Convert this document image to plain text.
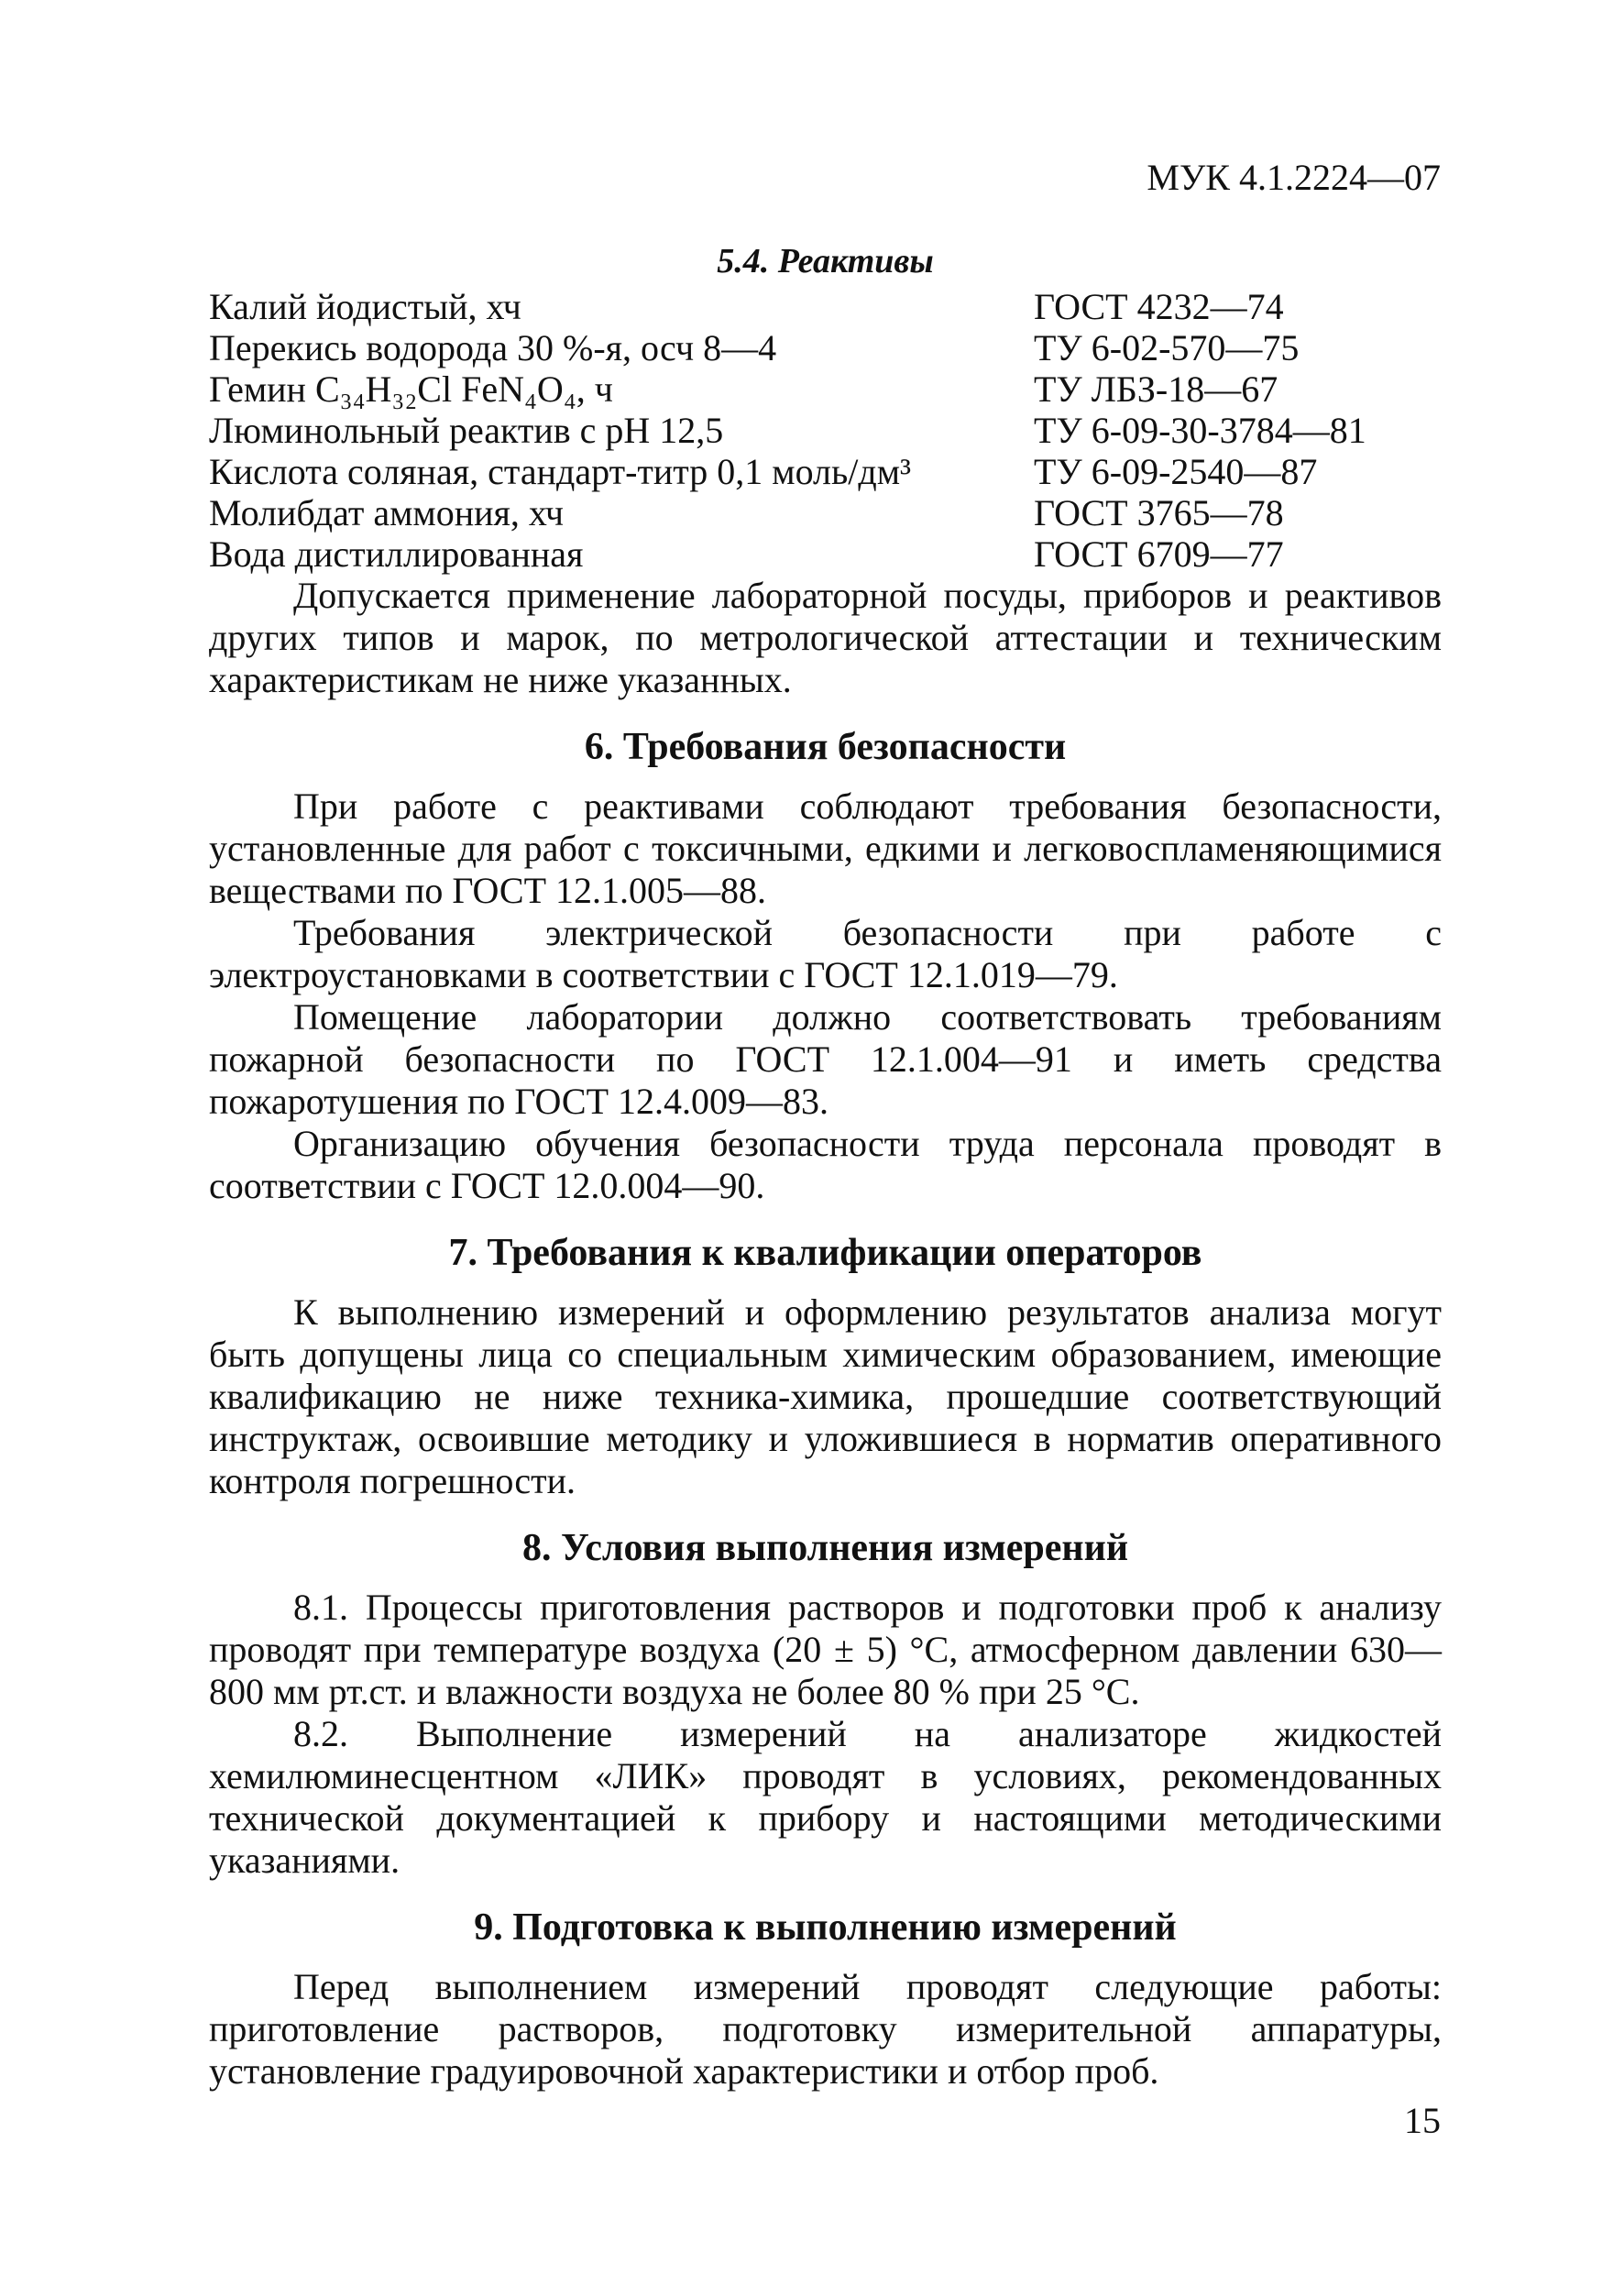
МУК 4.1.2224—07
5.4. Реактивы
Калий йодистый, хч	ГОСТ 4232—74
Перекись водорода 30 %-я, осч 8—4	ТУ 6-02-570—75
Гемин C₃₄H₃₂Cl FeN₄O₄, ч	ТУ ЛБЗ-18—67
Люминольный реактив с pH 12,5	ТУ 6-09-30-3784—81
Кислота соляная, стандарт-титр 0,1 моль/дм³	ТУ 6-09-2540—87
Молибдат аммония, хч	ГОСТ 3765—78
Вода дистиллированная	ГОСТ 6709—77

Допускается применение лабораторной посуды, приборов и реактивов других типов и марок, по метрологической аттестации и техническим характеристикам не ниже указанных.

6. Требования безопасности

При работе с реактивами соблюдают требования безопасности, установленные для работ с токсичными, едкими и легковоспламеняющимися веществами по ГОСТ 12.1.005—88.

Требования электрической безопасности при работе с электроустановками в соответствии с ГОСТ 12.1.019—79.

Помещение лаборатории должно соответствовать требованиям пожарной безопасности по ГОСТ 12.1.004—91 и иметь средства пожаротушения по ГОСТ 12.4.009—83.

Организацию обучения безопасности труда персонала проводят в соответствии с ГОСТ 12.0.004—90.

7. Требования к квалификации операторов

К выполнению измерений и оформлению результатов анализа могут быть допущены лица со специальным химическим образованием, имеющие квалификацию не ниже техника-химика, прошедшие соответствующий инструктаж, освоившие методику и уложившиеся в норматив оперативного контроля погрешности.

8. Условия выполнения измерений

8.1. Процессы приготовления растворов и подготовки проб к анализу проводят при температуре воздуха (20 ± 5) °С, атмосферном давлении 630—800 мм рт.ст. и влажности воздуха не более 80 % при 25 °С.

8.2. Выполнение измерений на анализаторе жидкостей хемилюминесцентном «ЛИК» проводят в условиях, рекомендованных технической документацией к прибору и настоящими методическими указаниями.

9. Подготовка к выполнению измерений

Перед выполнением измерений проводят следующие работы: приготовление растворов, подготовку измерительной аппаратуры, установление градуировочной характеристики и отбор проб.

15
